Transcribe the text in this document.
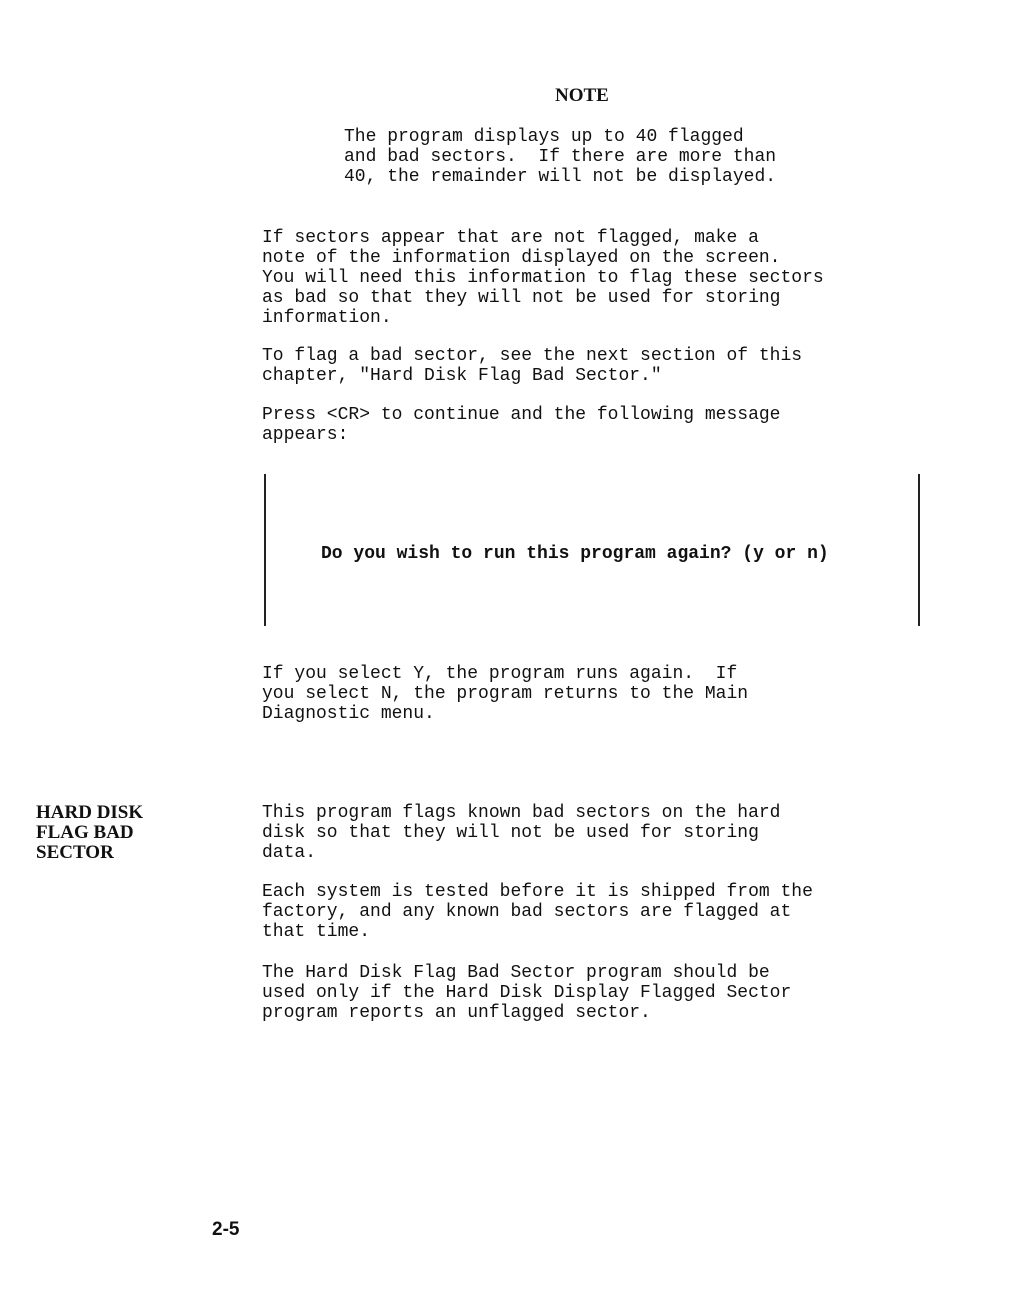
NOTE
The program displays up to 40 flagged
and bad sectors.  If there are more than
40, the remainder will not be displayed.
If sectors appear that are not flagged, make a
note of the information displayed on the screen.
You will need this information to flag these sectors
as bad so that they will not be used for storing
information.
To flag a bad sector, see the next section of this
chapter, "Hard Disk Flag Bad Sector."
Press <CR> to continue and the following message
appears:
Do you wish to run this program again? (y or n)
If you select Y, the program runs again.  If
you select N, the program returns to the Main
Diagnostic menu.
HARD DISK
FLAG BAD
SECTOR
This program flags known bad sectors on the hard
disk so that they will not be used for storing
data.
Each system is tested before it is shipped from the
factory, and any known bad sectors are flagged at
that time.
The Hard Disk Flag Bad Sector program should be
used only if the Hard Disk Display Flagged Sector
program reports an unflagged sector.
2-5
